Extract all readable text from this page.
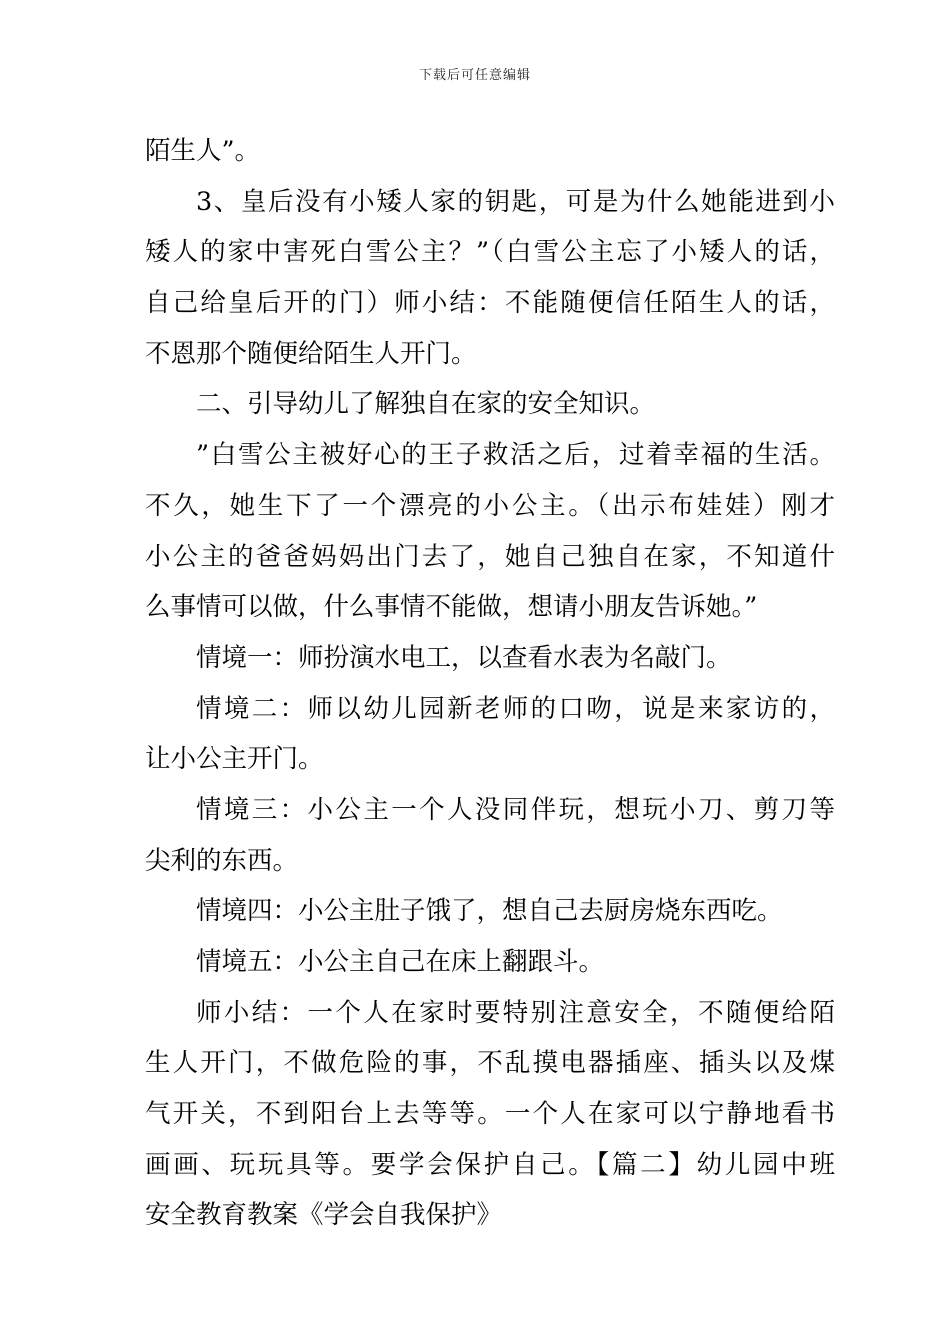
下载后可任意编辑
陌生人”。
3、皇后没有小矮人家的钥匙，可是为什么她能进到小
矮人的家中害死白雪公主？”（白雪公主忘了小矮人的话，
自己给皇后开的门）师小结：不能随便信任陌生人的话，
不恩那个随便给陌生人开门。
二、引导幼儿了解独自在家的安全知识。
”白雪公主被好心的王子救活之后，过着幸福的生活。
不久，她生下了一个漂亮的小公主。（出示布娃娃）刚才
小公主的爸爸妈妈出门去了，她自己独自在家，不知道什
么事情可以做，什么事情不能做，想请小朋友告诉她。”
情境一：师扮演水电工，以查看水表为名敲门。
情境二：师以幼儿园新老师的口吻，说是来家访的，
让小公主开门。
情境三：小公主一个人没同伴玩，想玩小刀、剪刀等
尖利的东西。
情境四：小公主肚子饿了，想自己去厨房烧东西吃。
情境五：小公主自己在床上翻跟斗。
师小结：一个人在家时要特别注意安全，不随便给陌
生人开门，不做危险的事，不乱摸电器插座、插头以及煤
气开关，不到阳台上去等等。一个人在家可以宁静地看书
画画、玩玩具等。要学会保护自己。【篇二】幼儿园中班
安全教育教案《学会自我保护》
